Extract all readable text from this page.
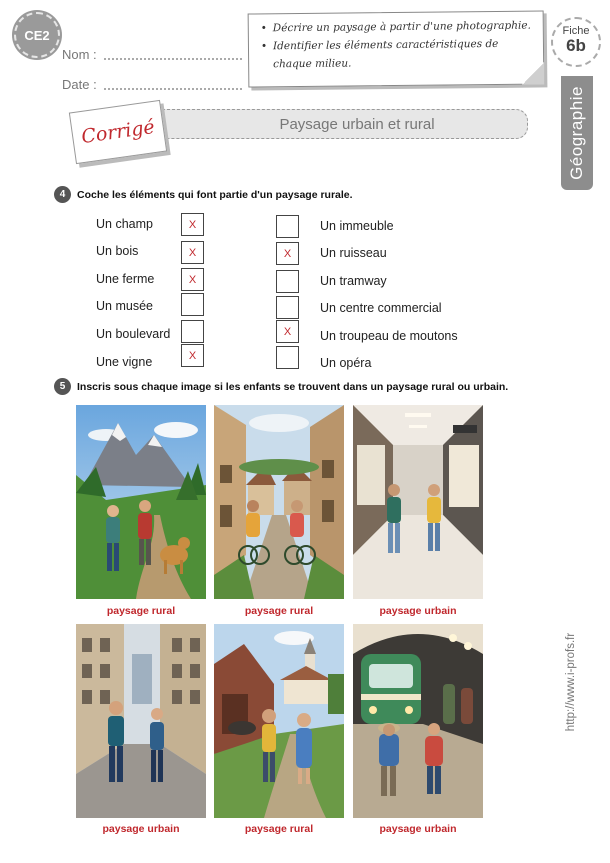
CE2
Nom :
Date :
• Décrire un paysage à partir d'une photographie.
• Identifier les éléments caractéristiques de chaque milieu.
Fiche
6b
Géographie
Paysage urbain et rural
Corrigé
4	Coche les éléments qui font partie d'un paysage rurale.
Un champ	X
Un bois	X
Une ferme	X
Un musée
Un boulevard
Une vigne	X
Un immeuble
X	Un ruisseau
Un tramway
Un centre commercial
X	Un troupeau de moutons
Un opéra
5	Inscris sous chaque image si les enfants se trouvent dans un paysage rural ou urbain.
paysage rural	paysage rural	paysage urbain
paysage urbain	paysage rural	paysage urbain
http://www.i-profs.fr
